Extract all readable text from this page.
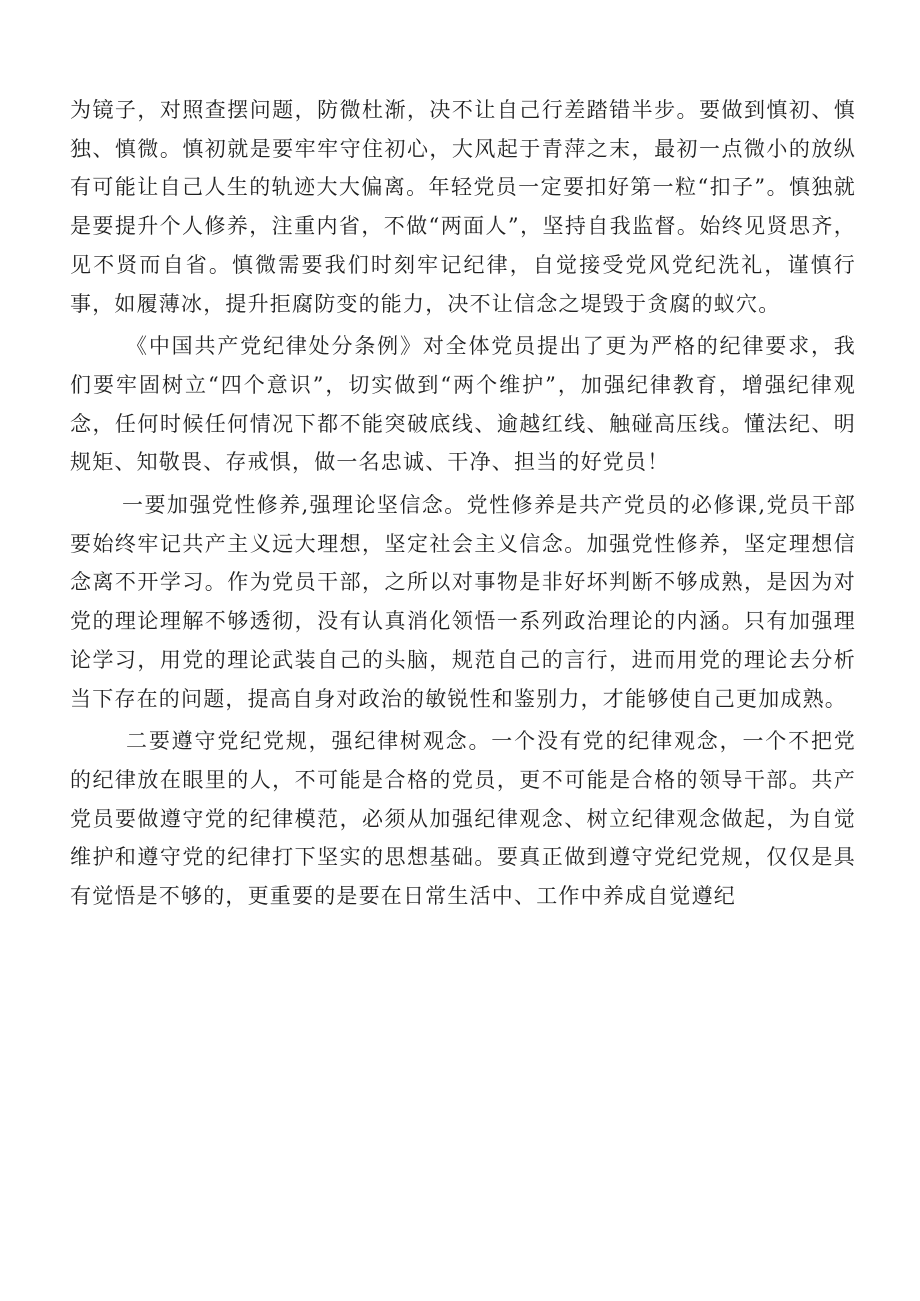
为镜子，对照查摆问题，防微杜渐，决不让自己行差踏错半步。要做到慎初、慎独、慎微。慎初就是要牢牢守住初心，大风起于青萍之末，最初一点微小的放纵有可能让自己人生的轨迹大大偏离。年轻党员一定要扣好第一粒“扣子”。慎独就是要提升个人修养，注重内省，不做“两面人”，坚持自我监督。始终见贤思齐，见不贤而自省。慎微需要我们时刻牢记纪律，自觉接受党风党纪洗礼，谨慎行事，如履薄冰，提升拒腐防变的能力，决不让信念之堤毁于贪腐的蚁穴。

《中国共产党纪律处分条例》对全体党员提出了更为严格的纪律要求，我们要牢固树立“四个意识”，切实做到“两个维护”，加强纪律教育，增强纪律观念，任何时候任何情况下都不能突破底线、逾越红线、触碰高压线。懂法纪、明规矩、知敬畏、存戒惧，做一名忠诚、干净、担当的好党员！

一要加强党性修养,强理论坚信念。党性修养是共产党员的必修课,党员干部要始终牢记共产主义远大理想，坚定社会主义信念。加强党性修养，坚定理想信念离不开学习。作为党员干部，之所以对事物是非好坏判断不够成熟，是因为对党的理论理解不够透彻，没有认真消化领悟一系列政治理论的内涵。只有加强理论学习，用党的理论武装自己的头脑，规范自己的言行，进而用党的理论去分析当下存在的问题，提高自身对政治的敏锐性和鉴别力，才能够使自己更加成熟。

二要遵守党纪党规，强纪律树观念。一个没有党的纪律观念，一个不把党的纪律放在眼里的人，不可能是合格的党员，更不可能是合格的领导干部。共产党员要做遵守党的纪律模范，必须从加强纪律观念、树立纪律观念做起，为自觉维护和遵守党的纪律打下坚实的思想基础。要真正做到遵守党纪党规，仅仅是具有觉悟是不够的，更重要的是要在日常生活中、工作中养成自觉遵纪
